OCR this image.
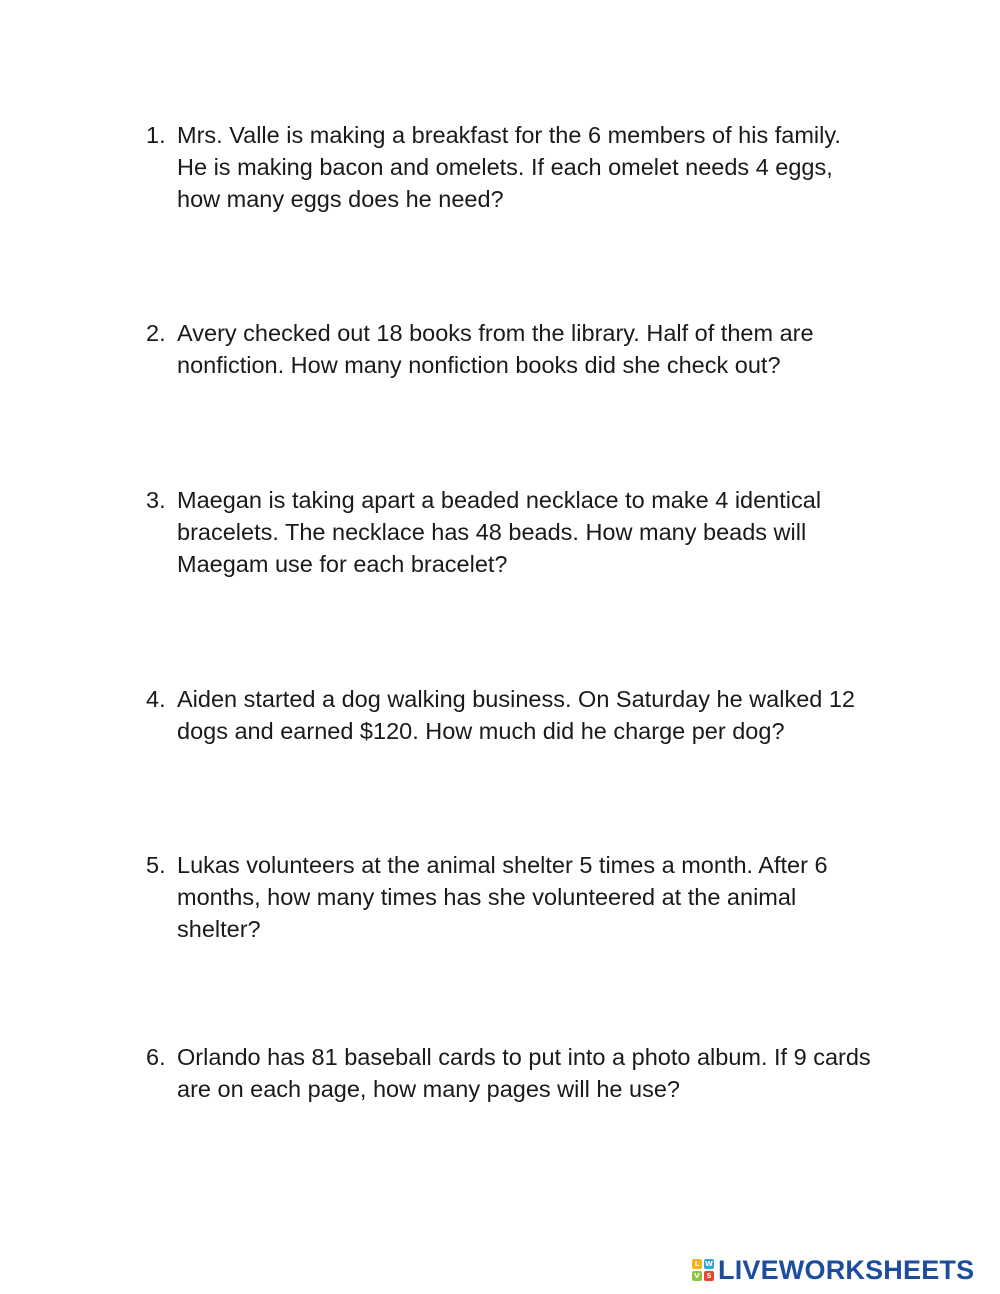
1. Mrs. Valle is making a breakfast for the 6 members of his family.
He is making bacon and omelets. If each omelet needs 4 eggs,
how many eggs does he need?
2. Avery checked out 18 books from the library. Half of them are
nonfiction. How many nonfiction books did she check out?
3. Maegan is taking apart a beaded necklace to make 4 identical
bracelets. The necklace has 48 beads. How many beads will
Maegam use for each bracelet?
4. Aiden started a dog walking business. On Saturday he walked 12
dogs and earned $120. How much did he charge per dog?
5. Lukas volunteers at the animal shelter 5 times a month. After 6
months, how many times has she volunteered at the animal
shelter?
6. Orlando has 81 baseball cards to put into a photo album. If 9 cards
are on each page, how many pages will he use?
L W
V S LIVEWORKSHEETS
